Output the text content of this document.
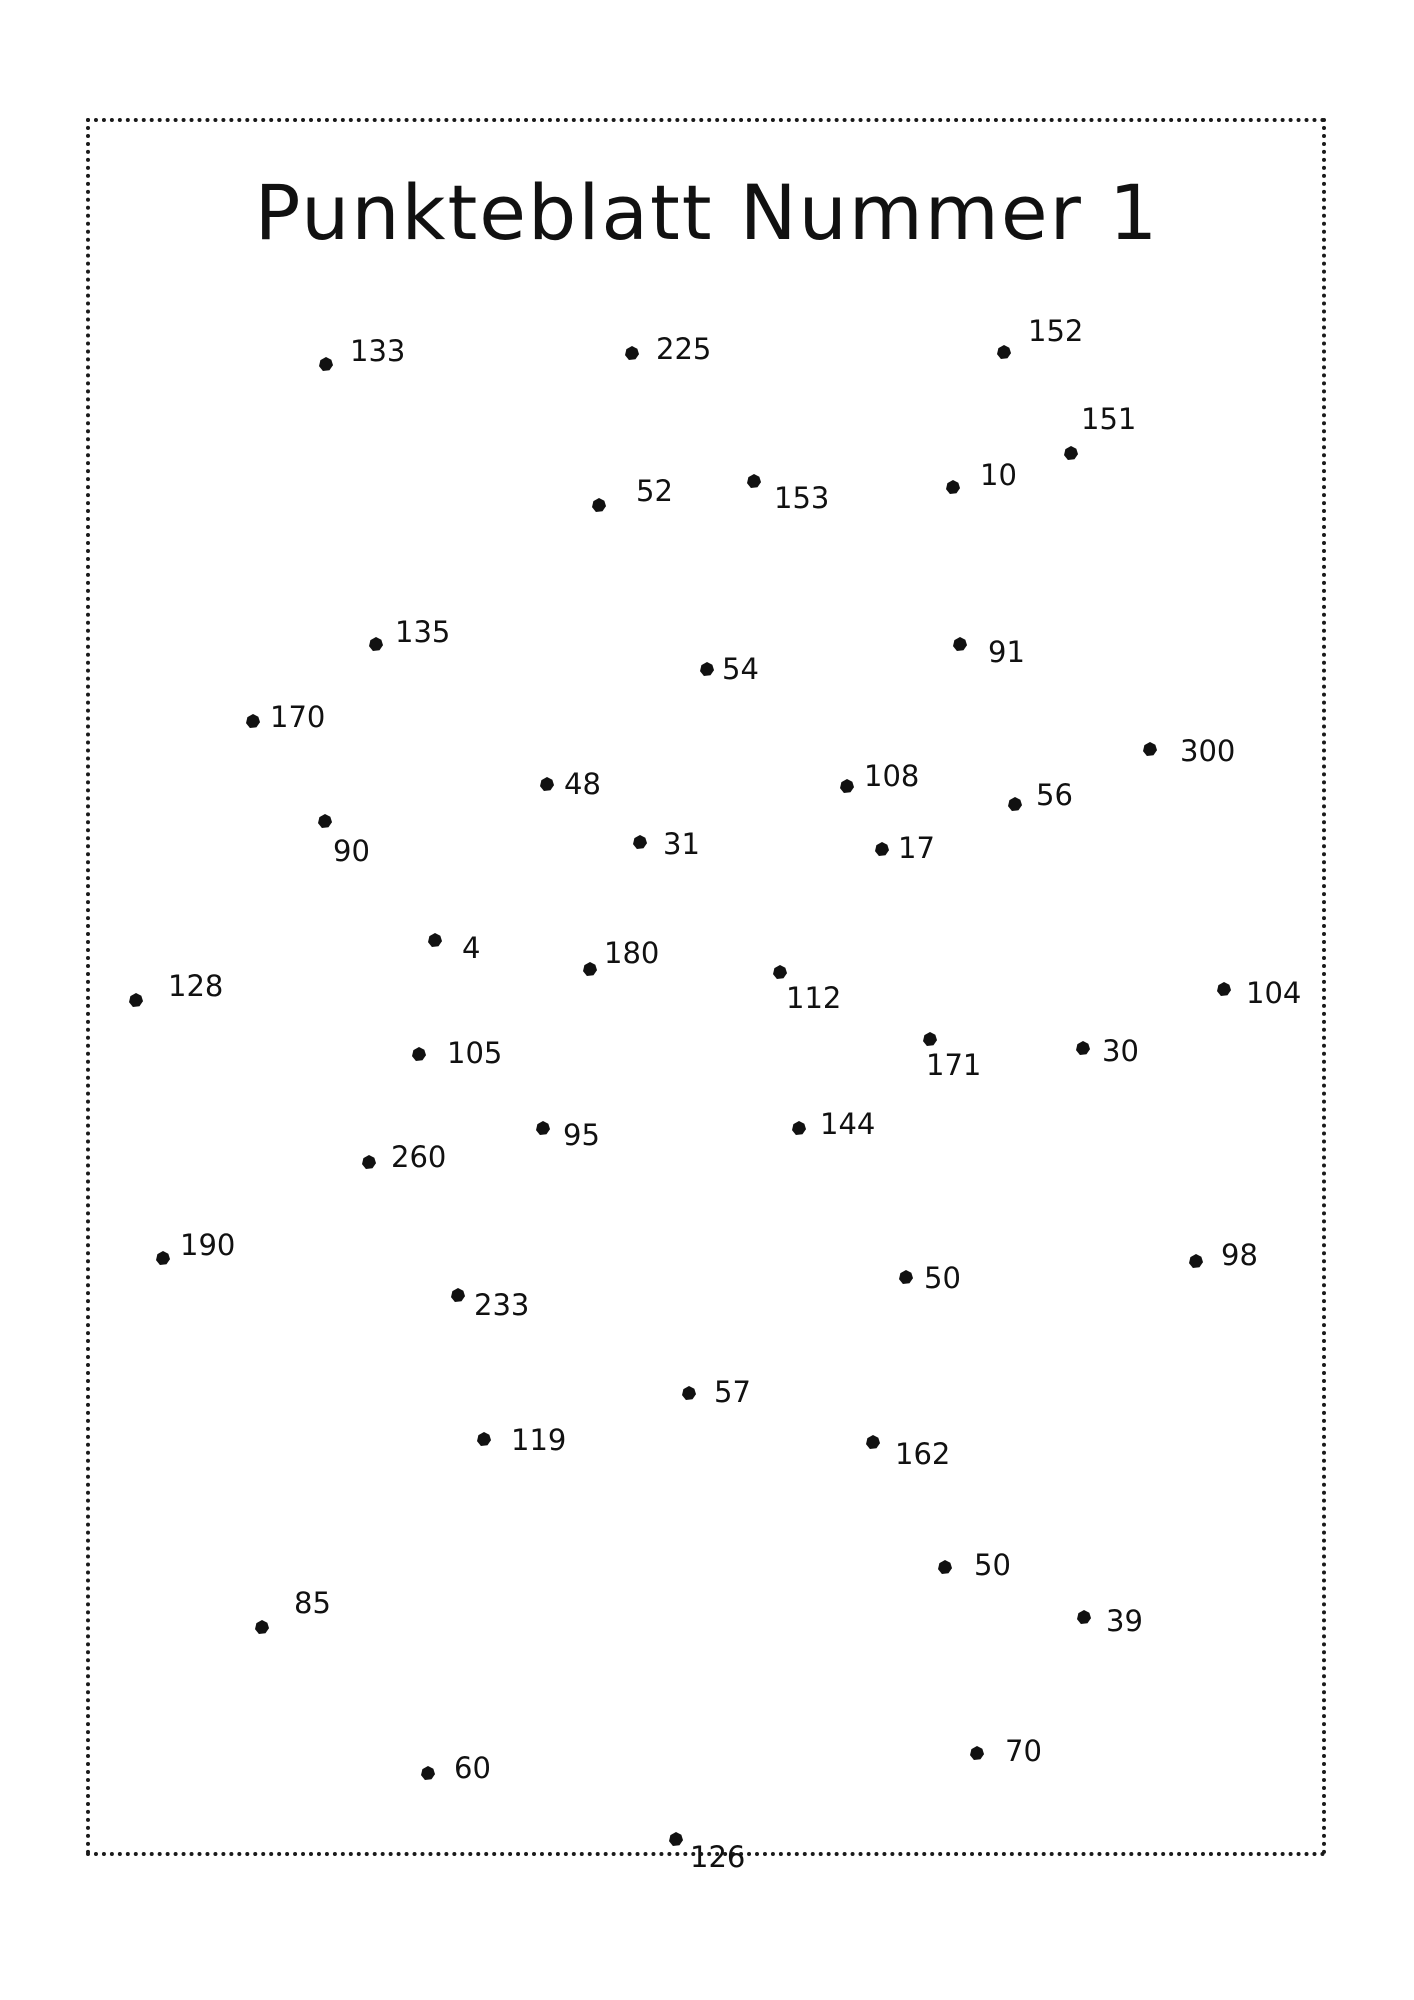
Punkteblatt Nummer 1
133	225
152
151
52	153
10
135
54	91
170
300
48	108
56
90	31	17
4	180
128	112	104
105	171	30
95	144
260
190	98
233
50
57
119	162
50
85
39
60	70
126
